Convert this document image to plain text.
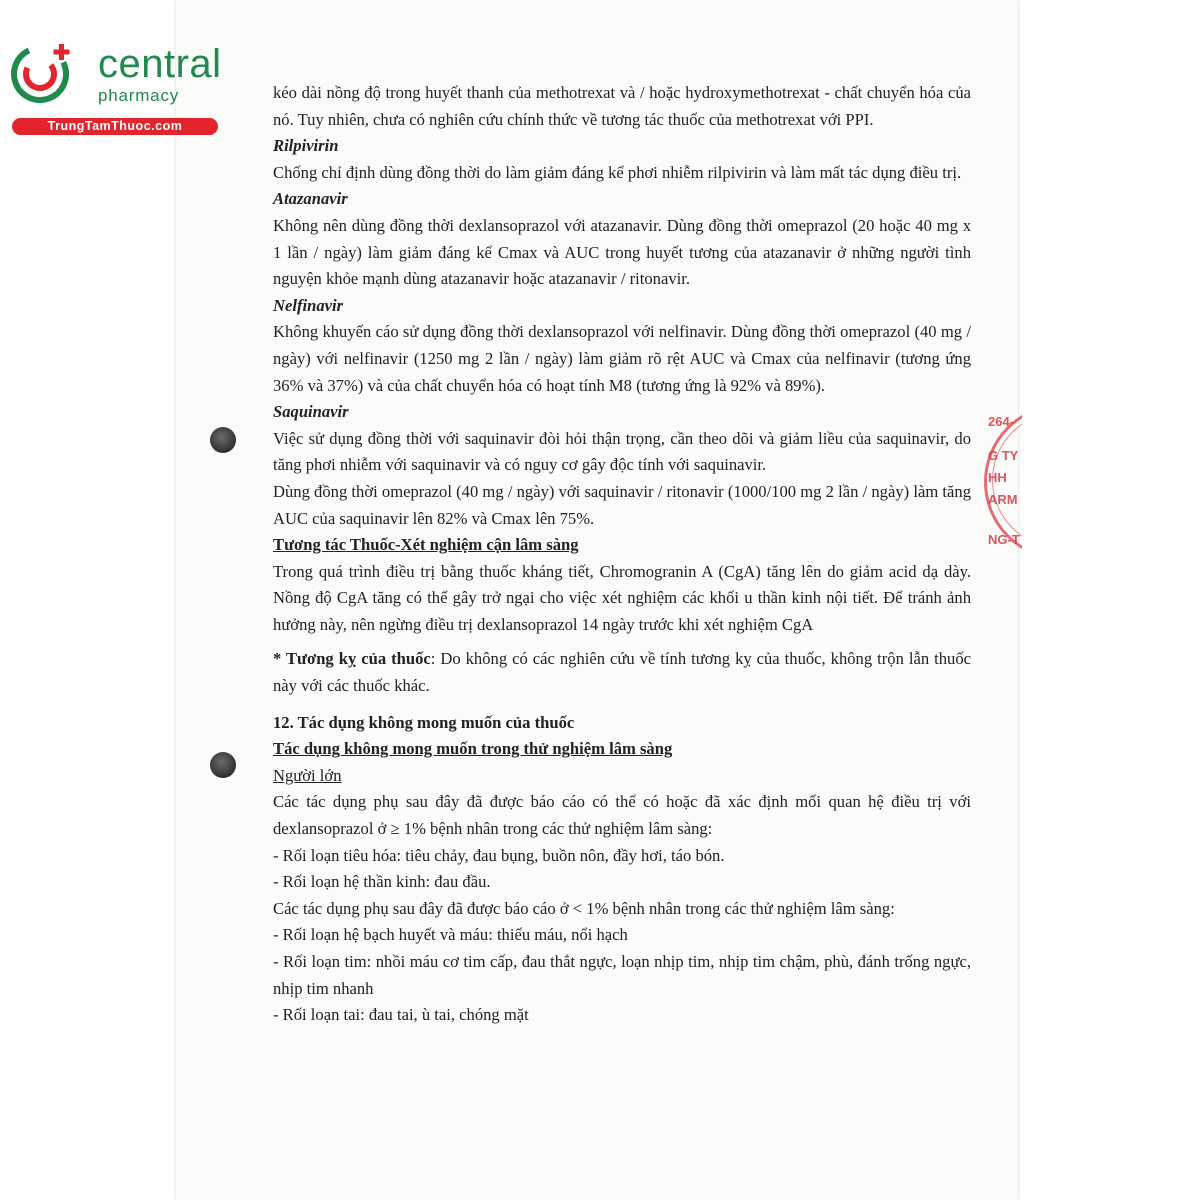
central
pharmacy
TrungTamThuoc.com
264-
G TY
HH
ARM
NG-T

kéo dài nồng độ trong huyết thanh của methotrexat và / hoặc hydroxymethotrexat - chất chuyển hóa của nó. Tuy nhiên, chưa có nghiên cứu chính thức về tương tác thuốc của methotrexat với PPI.

Rilpivirin

Chống chỉ định dùng đồng thời do làm giảm đáng kể phơi nhiễm rilpivirin và làm mất tác dụng điều trị.

Atazanavir

Không nên dùng đồng thời dexlansoprazol với atazanavir. Dùng đồng thời omeprazol (20 hoặc 40 mg x 1 lần / ngày) làm giảm đáng kể Cmax và AUC trong huyết tương của atazanavir ở những người tình nguyện khỏe mạnh dùng atazanavir hoặc atazanavir / ritonavir.

Nelfinavir

Không khuyến cáo sử dụng đồng thời dexlansoprazol với nelfinavir. Dùng đồng thời omeprazol (40 mg / ngày) với nelfinavir (1250 mg 2 lần / ngày) làm giảm rõ rệt AUC và Cmax của nelfinavir (tương ứng 36% và 37%) và của chất chuyển hóa có hoạt tính M8 (tương ứng là 92% và 89%).

Saquinavir

Việc sử dụng đồng thời với saquinavir đòi hỏi thận trọng, cần theo dõi và giảm liều của saquinavir, do tăng phơi nhiễm với saquinavir và có nguy cơ gây độc tính với saquinavir.

Dùng đồng thời omeprazol (40 mg / ngày) với saquinavir / ritonavir (1000/100 mg 2 lần / ngày) làm tăng AUC của saquinavir lên 82% và Cmax lên 75%.

Tương tác Thuốc-Xét nghiệm cận lâm sàng

Trong quá trình điều trị bằng thuốc kháng tiết, Chromogranin A (CgA) tăng lên do giảm acid dạ dày. Nồng độ CgA tăng có thể gây trở ngại cho việc xét nghiệm các khối u thần kinh nội tiết. Để tránh ảnh hưởng này, nên ngừng điều trị dexlansoprazol 14 ngày trước khi xét nghiệm CgA

* Tương kỵ của thuốc: Do không có các nghiên cứu về tính tương kỵ của thuốc, không trộn lẫn thuốc này với các thuốc khác.

12. Tác dụng không mong muốn của thuốc

Tác dụng không mong muốn trong thử nghiệm lâm sàng

Người lớn

Các tác dụng phụ sau đây đã được báo cáo có thể có hoặc đã xác định mối quan hệ điều trị với dexlansoprazol ở ≥ 1% bệnh nhân trong các thử nghiệm lâm sàng:

- Rối loạn tiêu hóa: tiêu chảy, đau bụng, buồn nôn, đầy hơi, táo bón.

- Rối loạn hệ thần kinh: đau đầu.

Các tác dụng phụ sau đây đã được báo cáo ở < 1% bệnh nhân trong các thử nghiệm lâm sàng:

- Rối loạn hệ bạch huyết và máu: thiếu máu, nổi hạch

- Rối loạn tim: nhồi máu cơ tim cấp, đau thắt ngực, loạn nhịp tim, nhịp tim chậm, phù, đánh trống ngực, nhịp tim nhanh

- Rối loạn tai: đau tai, ù tai, chóng mặt
